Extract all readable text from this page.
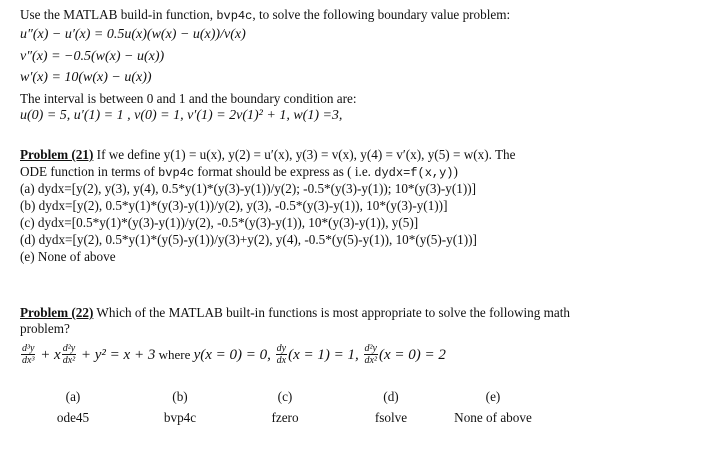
Use the MATLAB build-in function, bvp4c, to solve the following boundary value problem:
u″(x) − u′(x) = 0.5u(x)(w(x) − u(x))/v(x)
v″(x) = −0.5(w(x) − u(x))
w′(x) = 10(w(x) − u(x))
The interval is between 0 and 1 and the boundary condition are:
u(0) = 5, u′(1) = 1 , v(0) = 1, v′(1) = 2v(1)² + 1, w(1) =3,
Problem (21) If we define y(1) = u(x), y(2) = u′(x), y(3) = v(x), y(4) = v′(x), y(5) = w(x). The
ODE function in terms of bvp4c format should be express as ( i.e. dydx=f(x,y))
(a) dydx=[y(2), y(3), y(4), 0.5*y(1)*(y(3)-y(1))/y(2); -0.5*(y(3)-y(1)); 10*(y(3)-y(1))]
(b) dydx=[y(2), 0.5*y(1)*(y(3)-y(1))/y(2), y(3), -0.5*(y(3)-y(1)), 10*(y(3)-y(1))]
(c) dydx=[0.5*y(1)*(y(3)-y(1))/y(2), -0.5*(y(3)-y(1)), 10*(y(3)-y(1)), y(5)]
(d) dydx=[y(2), 0.5*y(1)*(y(5)-y(1))/y(3)+y(2), y(4), -0.5*(y(5)-y(1)), 10*(y(5)-y(1))]
(e) None of above
Problem (22) Which of the MATLAB built-in functions is most appropriate to solve the following math
problem?
$\frac{\text{d³y}}{\text{dx³}} + x \frac{\text{d²y}}{\text{dx²}} + y^2 = x + 3$ where y(x = 0) = 0, $\frac{dy}{dx} (x = 1) = 1$, $\frac{\text{d²y}}{\text{dx²}} (x = 0) = 2$
(a)
ode45
(b)
bvp4c
(c)
fzero
(d)
fsolve
(e)
None of above
